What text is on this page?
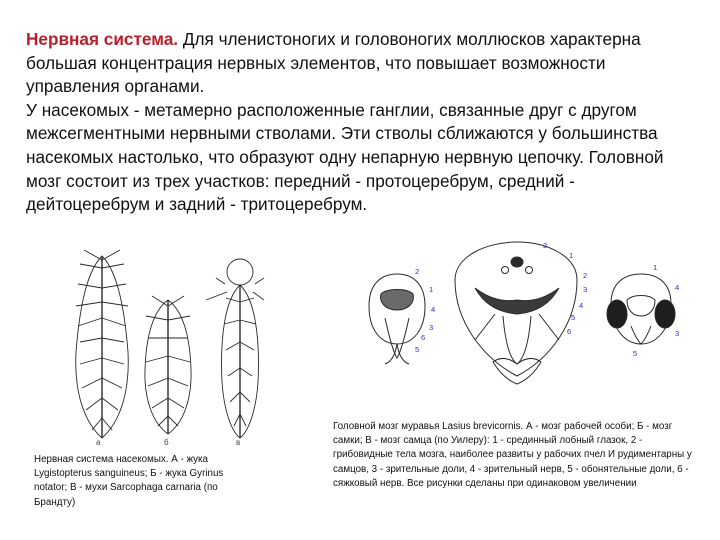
Нервная система. Для членистоногих и головоногих моллюсков характерна большая концентрация нервных элементов, что повышает возможности управления органами.
У насекомых - метамерно расположенные ганглии, связанные друг с другом межсегментными нервными стволами. Эти стволы сближаются у большинства насекомых настолько, что образуют одну непарную нервную цепочку. Головной мозг состоит из трех участков: передний - протоцеребрум, средний - дейтоцеребрум и задний - тритоцеребрум.
а	б	в
Нервная система насекомых. А - жука Lygistopterus sanguineus; Б - жука Gyrinus notator; В - мухи Sarcophaga carnaria (по Брандту)
2
1
4
3
6
5
2
1
2
3
4
5
6
1
4
3
5
Головной мозг муравья Lasius brevicornis. А - мозг рабочей особи; Б - мозг самки; В - мозг самца (по Уилеру): 1 - срединный лобный глазок, 2 - грибовидные тела мозга, наиболее развиты у рабочих пчел И рудиментарны у самцов, 3 - зрительные доли, 4 - зрительный нерв, 5 - обонятельные доли, 6 - сяжковый нерв. Все рисунки сделаны при одинаковом увеличении
